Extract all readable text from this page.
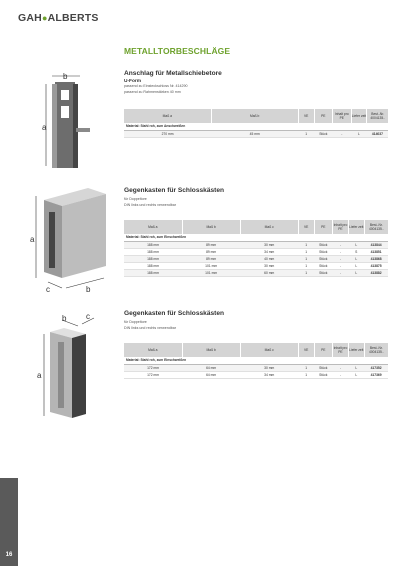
GAH●ALBERTS
METALLTORBESCHLÄGE
b
a
Anschlag für Metallschiebetore
U-Form
passend zu Einsteckschloss Nr. 414290
passend zu Rahmenstärken 40 mm
Maß a	Maß b	VE	PE	Inhalt pro PE	Liefer zeit	Best.-Nr. 4004135..
Material: Stahl roh, zum Anschweißen						
270 mm	45 mm	1	Stück	-	L	414037
a
c	b
Gegenkasten für Schlosskästen
für Doppeltore
DIN links und rechts verwendbar
Maß a	Maß b	Maß c	VE	PE	Inhalt pro PE	Liefer zeit	Best.-Nr. 4004135..
Material: Stahl roh, zum Einschweißen							
188 mm	89 mm	30 mm	1	Stück	-	L	413844
188 mm	89 mm	34 mm	1	Stück	-	S	413851
188 mm	89 mm	40 mm	1	Stück	-	L	413868
188 mm	101 mm	30 mm	1	Stück	-	L	413875
188 mm	101 mm	60 mm	1	Stück	-	L	413882
b c
a
Gegenkasten für Schlosskästen
für Doppeltore
DIN links und rechts verwendbar
Maß a	Maß b	Maß c	VE	PE	Inhalt pro PE	Liefer zeit	Best.-Nr. 4004135..
Material: Stahl roh, zum Einschweißen							
172 mm	64 mm	30 mm	1	Stück	-	L	417352
172 mm	64 mm	34 mm	1	Stück	-	L	417369
16
